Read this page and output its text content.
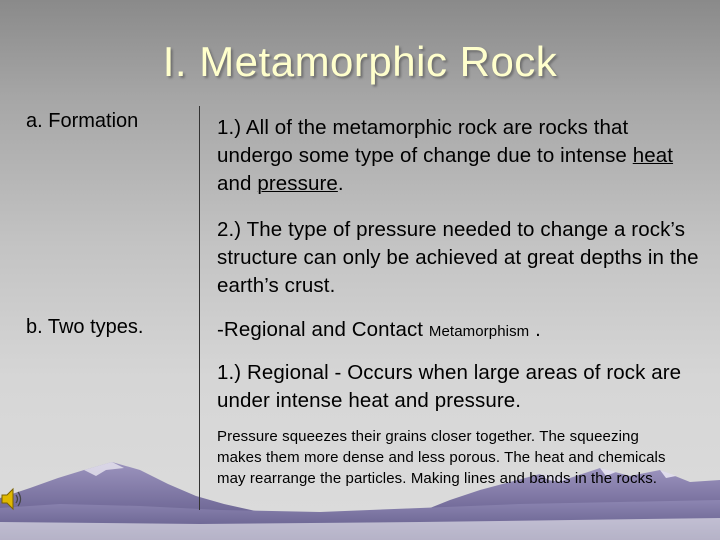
I. Metamorphic Rock
a. Formation
b. Two types.
1.) All of the metamorphic rock are rocks that undergo some type of change due to intense heat and pressure.
2.) The type of pressure needed to change a rock’s structure can only be achieved at great depths in the earth’s crust.
-Regional and Contact Metamorphism .
1.) Regional - Occurs when large areas of rock are under intense heat and pressure.
Pressure squeezes their grains closer together. The squeezing makes them more dense and less porous. The heat and chemicals may rearrange the particles. Making lines and bands in the rocks.
